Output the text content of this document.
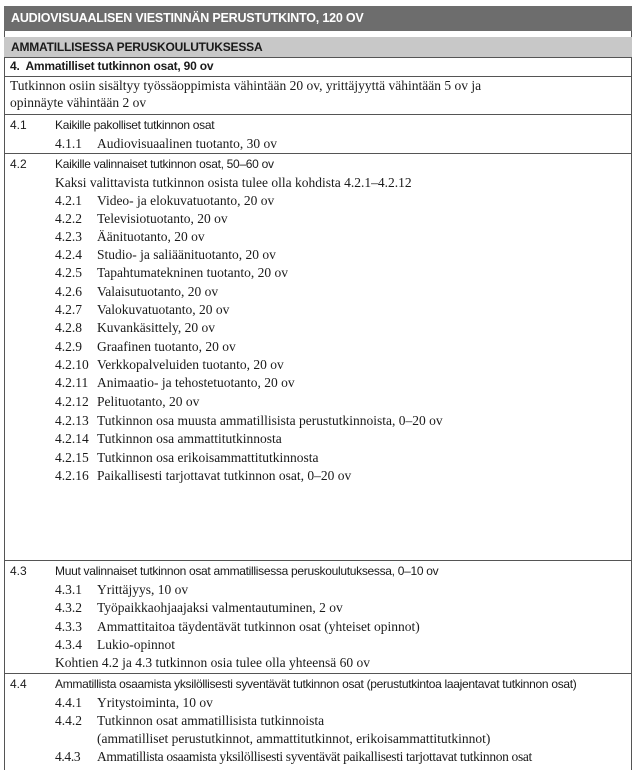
AUDIOVISUAALISEN VIESTINNÄN PERUSTUTKINTO, 120 OV
AMMATILLISESSA PERUSKOULUTUKSESSA
4. Ammatilliset tutkinnon osat, 90 ov
Tutkinnon osiin sisältyy työssäoppimista vähintään 20 ov, yrittäjyyttä vähintään 5 ov ja
opinnäyte vähintään 2 ov
4.1 Kaikille pakolliset tutkinnon osat
4.1.1 Audiovisuaalinen tuotanto, 30 ov
4.2 Kaikille valinnaiset tutkinnon osat, 50–60 ov
Kaksi valittavista tutkinnon osista tulee olla kohdista 4.2.1–4.2.12
4.2.1 Video- ja elokuvatuotanto, 20 ov
4.2.2 Televisiotuotanto, 20 ov
4.2.3 Äänituotanto, 20 ov
4.2.4 Studio- ja saliäänituotanto, 20 ov
4.2.5 Tapahtumatekninen tuotanto, 20 ov
4.2.6 Valaisutuotanto, 20 ov
4.2.7 Valokuvatuotanto, 20 ov
4.2.8 Kuvankäsittely, 20 ov
4.2.9 Graafinen tuotanto, 20 ov
4.2.10 Verkkopalveluiden tuotanto, 20 ov
4.2.11 Animaatio- ja tehostetuotanto, 20 ov
4.2.12 Pelituotanto, 20 ov
4.2.13 Tutkinnon osa muusta ammatillisista perustutkinnoista, 0–20 ov
4.2.14 Tutkinnon osa ammattitutkinnosta
4.2.15 Tutkinnon osa erikoisammattitutkinnosta
4.2.16 Paikallisesti tarjottavat tutkinnon osat, 0–20 ov
4.3 Muut valinnaiset tutkinnon osat ammatillisessa peruskoulutuksessa, 0–10 ov
4.3.1 Yrittäjyys, 10 ov
4.3.2 Työpaikkaohjaajaksi valmentautuminen, 2 ov
4.3.3 Ammattitaitoa täydentävät tutkinnon osat (yhteiset opinnot)
4.3.4 Lukio-opinnot
Kohtien 4.2 ja 4.3 tutkinnon osia tulee olla yhteensä 60 ov
4.4 Ammatillista osaamista yksilöllisesti syventävät tutkinnon osat (perustutkintoa laajentavat tutkinnon osat)
4.4.1 Yritystoiminta, 10 ov
4.4.2 Tutkinnon osat ammatillisista tutkinnoista
(ammatilliset perustutkinnot, ammattitutkinnot, erikoisammattitutkinnot)
4.4.3 Ammatillista osaamista yksilöllisesti syventävät paikallisesti tarjottavat tutkinnon osat
